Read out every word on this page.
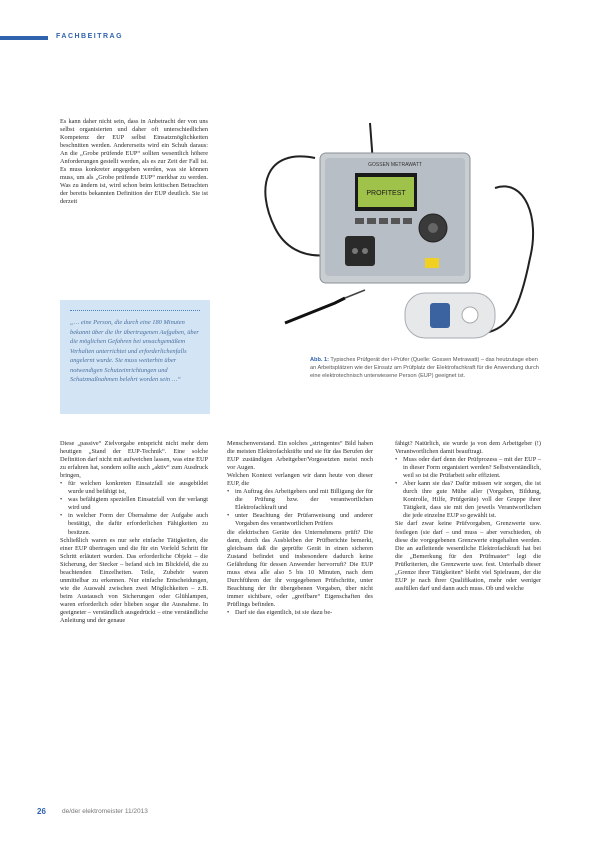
FACHBEITRAG

Es kann daher nicht sein, dass in Anbetracht der von uns selbst organisierten und daher oft unterschiedlichen Kompetenz der EUP selbst Einsatzmöglichkeiten beschnitten werden. Andererseits wird ein Schuh daraus: An die „Grobe prüfende EUP“ sollten wesentlich höhere Anforderungen gestellt werden, als es zur Zeit der Fall ist. Es muss konkreter angegeben werden, was sie können muss, um als „Grobe prüfende EUP“ merkbar zu werden. Was zu ändern ist, wird schon beim kritischen Betrachten der bereits bekannten Definition der EUP deutlich. Sie ist derzeit

„… eine Person, die durch eine 180 Minuten bekannt über die ihr übertragenen Aufgaben, über die möglichen Gefahren bei unsachgemäßem Verhalten unterrichtet und erforderlichenfalls angelernt wurde. Sie muss weiterhin über notwendigen Schutzeinrichtungen und Schutzmaßnahmen belehrt worden sein …“

PROFITEST
GOSSEN METRAWATT
Abb. 1: Typisches Prüfgerät der i-Prüfer (Quelle: Gossen Metrawatt) – das heutzutage eben an Arbeitsplätzen wie der Einsatz am Prüfplatz der Elektrofachkraft für die Anwendung durch eine elektrotechnisch unterwiesene Person (EUP) geeignet ist.

Diese „passive“ Zielvorgabe entspricht nicht mehr dem heutigen „Stand der EUP-Technik“. Eine solche Definition darf nicht mit aufweichen lassen, was eine EUP zu erfahren hat, sondern sollte auch „aktiv“ zum Ausdruck bringen,

• für welchen konkreten Einsatzfall sie ausgebildet wurde und befähigt ist,
• was befähigtem speziellen Einsatzfall von ihr verlangt wird und
• in welcher Form der Übernahme der Aufgabe auch bestätigt, die dafür erforderlichen Fähigkeiten zu besitzen.

Schließlich waren es nur sehr einfache Tätigkeiten, die einer EUP übertragen und die für ein Vorfeld Schritt für Schritt erläutert wurden. Das erforderliche Objekt – die Sicherung, der Stecker – befand sich im Blickfeld, die zu beachtenden Einzelheiten. Teile, Zubehör waren unmittelbar zu erkennen. Nur einfache Entscheidungen, wie die Auswahl zwischen zwei Möglichkeiten – z.B. beim Austausch von Sicherungen oder Glühlampen, waren erforderlich oder blieben sogar die Ausnahme. In geeigneter – verständlich ausgedrückt – eine verständliche Anleitung und der genaue

Menschenverstand. Ein solches „stringentes“ Bild haben die meisten Elektrofachkräfte und sie für das Berufen der EUP zuständigen Arbeitgeber/Vorgesetzten meist noch vor Augen.

Welchen Kontext verlangen wir dann heute von dieser EUP, die

• im Auftrag des Arbeitgebers und mit Billigung der für die Prüfung bzw. der verantwortlichen Elektrofachkraft und
• unter Beachtung der Prüfanweisung und anderer Vorgaben des verantwortlichen Prüfers

die elektrischen Geräte des Unternehmens prüft? Die dann, durch das Ausbleiben der Prüfberichte bemerkt, gleichsam daß die geprüfte Gerät in einen sicheren Zustand befindet und insbesondere dadurch keine Gefährdung für dessen Anwender hervorruft? Die EUP muss etwa alle also 5 bis 10 Minuten, nach dem Durchführen der ihr vorgegebenen Prüfschritte, unter Beachtung der ihr übergebenen Vorgaben, über nicht immer sichtbare, oder „greifbare“ Eigenschaften des Prüflings befinden.

• Darf sie das eigentlich, ist sie dazu be-

fähigt? Natürlich, sie wurde ja von dem Arbeitgeber (!) Verantwortlichen damit beauftragt.

• Muss oder darf denn der Prüfprozess – mit der EUP – in dieser Form organisiert werden? Selbstverständlich, weil so ist die Prüfarbeit sehr effizient.
• Aber kann sie das? Dafür müssen wir sorgen, die ist durch ihre gute Mühe aller (Vorgaben, Bildung, Kontrolle, Hilfe, Prüfgeräte) voll der Gruppe ihrer Tätigkeit, dass sie mit den jeweils Verantwortlichen die jede einzelne EUP so gewählt ist.

Sie darf zwar keine Prüfvorgaben, Grenzwerte usw. festlegen (sie darf – und muss – aber verschieden, ob diese die vorgegebenen Grenzwerte eingehalten werden. Die an aufleitende wesentliche Elektrofachkraft hat bei die „Bemerkung für den Prüfmaster“ legt die Prüfkriterien, die Grenzwerte usw. fest. Unterhalb dieser „Grenze ihrer Tätigkeiten“ bleibt viel Spielraum, der die EUP je nach ihrer Qualifikation, mehr oder weniger ausfüllen darf und dann auch muss. Ob und welche

26 de/der elektromeister 11/2013
